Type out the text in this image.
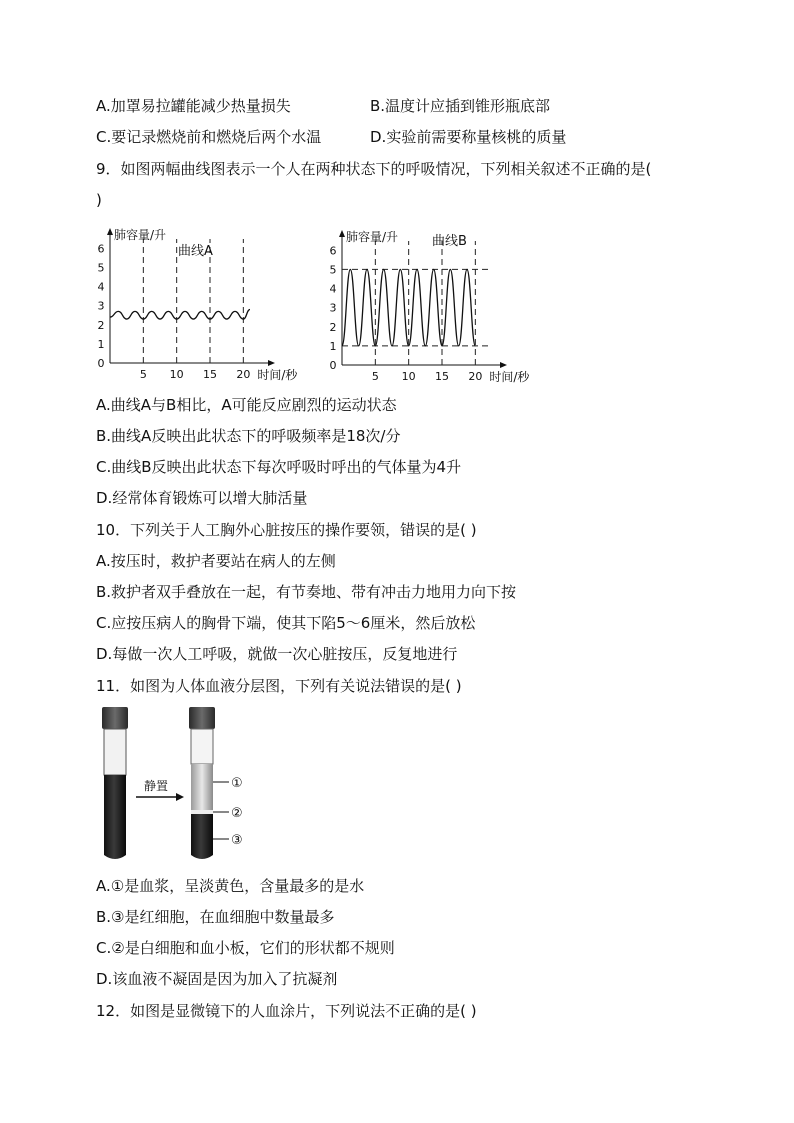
A.加罩易拉罐能减少热量损失	B.温度计应插到锥形瓶底部
C.要记录燃烧前和燃烧后两个水温	D.实验前需要称量核桃的质量
9．如图两幅曲线图表示一个人在两种状态下的呼吸情况，下列相关叙述不正确的是(
)
0
1
2
3
4
5
6
5 10 15 20
肺容量/升
曲线A
时间/秒
0
1
2
3
4
5
6
5 10 15 20
肺容量/升	曲线B
时间/秒
A.曲线A与B相比，A可能反应剧烈的运动状态
B.曲线A反映出此状态下的呼吸频率是18次/分
C.曲线B反映出此状态下每次呼吸时呼出的气体量为4升
D.经常体育锻炼可以增大肺活量
10．下列关于人工胸外心脏按压的操作要领，错误的是( )
A.按压时，救护者要站在病人的左侧
B.救护者双手叠放在一起，有节奏地、带有冲击力地用力向下按
C.应按压病人的胸骨下端，使其下陷5～6厘米，然后放松
D.每做一次人工呼吸，就做一次心脏按压，反复地进行
11．如图为人体血液分层图，下列有关说法错误的是( )
静置	①
②
③
A.①是血浆，呈淡黄色，含量最多的是水
B.③是红细胞，在血细胞中数量最多
C.②是白细胞和血小板，它们的形状都不规则
D.该血液不凝固是因为加入了抗凝剂
12．如图是显微镜下的人血涂片，下列说法不正确的是( )
